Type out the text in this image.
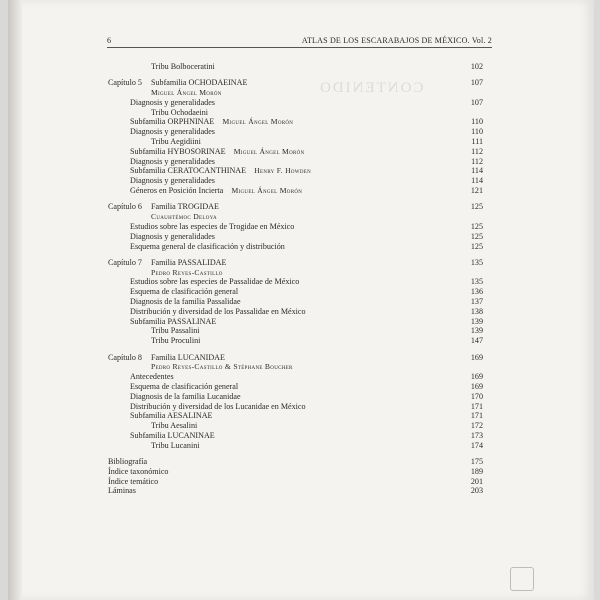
CONTENIDO
6	ATLAS DE LOS ESCARABAJOS DE MÉXICO. Vol. 2
Tribu Bolboceratini	102
Capítulo 5 Subfamilia OCHODAEINAE	107
Miguel Ángel Morón
Diagnosis y generalidades	107
Tribu Ochodaeini
Subfamilia ORPHNINAE  Miguel Ángel Morón	110
Diagnosis y generalidades	110
Tribu Aegidiini	111
Subfamilia HYBOSORINAE  Miguel Ángel Morón	112
Diagnosis y generalidades	112
Subfamilia CERATOCANTHINAE  Henry F. Howden	114
Diagnosis y generalidades	114
Géneros en Posición Incierta  Miguel Ángel Morón	121
Capítulo 6 Familia TROGIDAE	125
Cuauhtémoc Deloya
Estudios sobre las especies de Trogidae en México	125
Diagnosis y generalidades	125
Esquema general de clasificación y distribución	125
Capítulo 7 Familia PASSALIDAE	135
Pedro Reyes-Castillo
Estudios sobre las especies de Passalidae de México	135
Esquema de clasificación general	136
Diagnosis de la familia Passalidae	137
Distribución y diversidad de los Passalidae en México	138
Subfamilia PASSALINAE	139
Tribu Passalini	139
Tribu Proculini	147
Capítulo 8 Familia LUCANIDAE	169
Pedro Reyes-Castillo & Stéphane Boucher
Antecedentes	169
Esquema de clasificación general	169
Diagnosis de la familia Lucanidae	170
Distribución y diversidad de los Lucanidae en México	171
Subfamilia AESALINAE	171
Tribu Aesalini	172
Subfamilia LUCANINAE	173
Tribu Lucanini	174
Bibliografía	175
Índice taxonómico	189
Índice temático	201
Láminas	203
